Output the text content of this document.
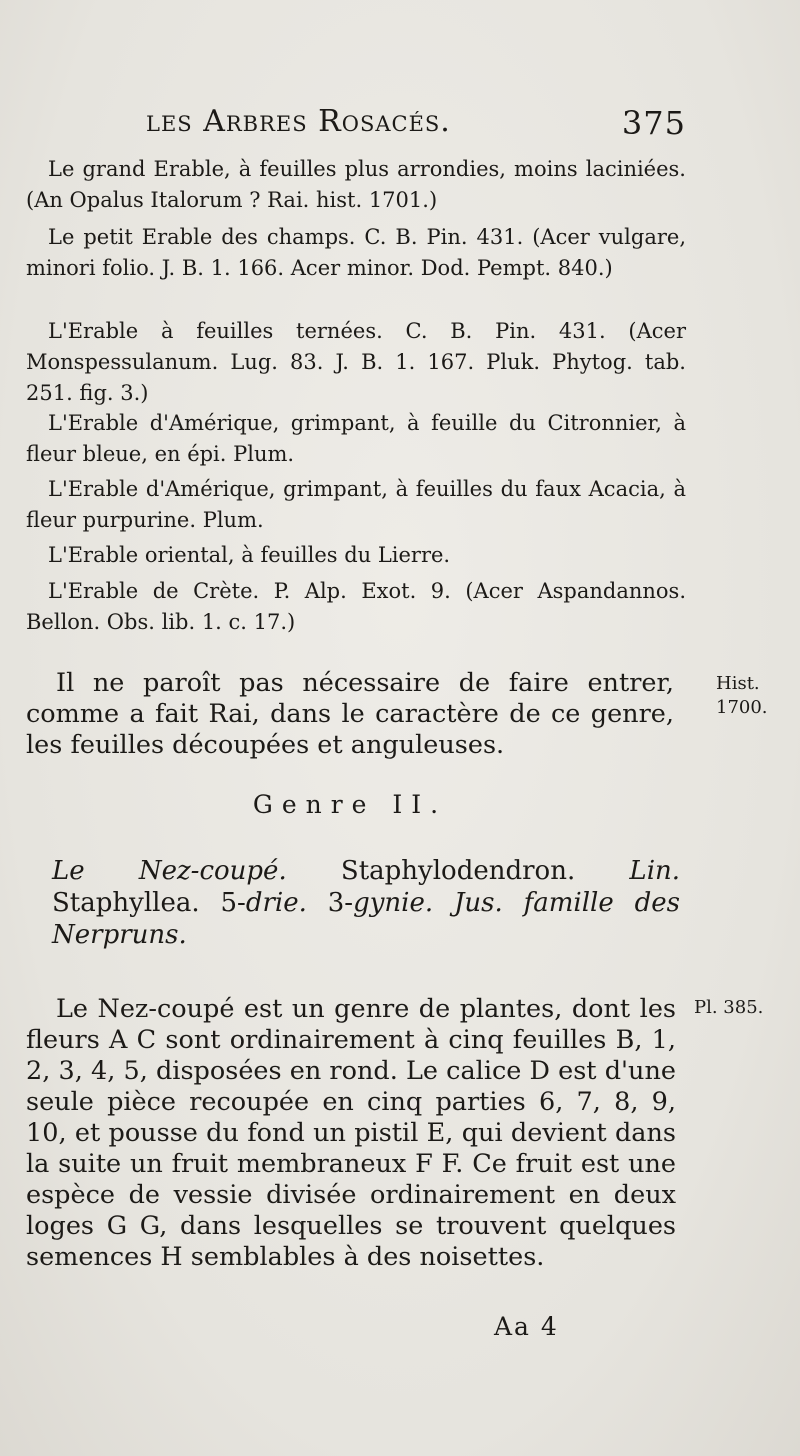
les Arbres Rosacés.	375

Le grand Erable, à feuilles plus arrondies, moins laciniées. (An Opalus Italorum ? Rai. hist. 1701.)

Le petit Erable des champs. C. B. Pin. 431. (Acer vulgare, minori folio. J. B. 1. 166. Acer minor. Dod. Pempt. 840.)

L'Erable à feuilles ternées. C. B. Pin. 431. (Acer Monspessulanum. Lug. 83. J. B. 1. 167. Pluk. Phytog. tab. 251. fig. 3.)

L'Erable d'Amérique, grimpant, à feuille du Citronnier, à fleur bleue, en épi. Plum.

L'Erable d'Amérique, grimpant, à feuilles du faux Acacia, à fleur purpurine. Plum.

L'Erable oriental, à feuilles du Lierre.

L'Erable de Crète. P. Alp. Exot. 9. (Acer Aspandannos. Bellon. Obs. lib. 1. c. 17.)

Il ne paroît pas nécessaire de faire entrer, comme a fait Rai, dans le caractère de ce genre, les feuilles découpées et anguleuses.

Hist.
1700.
Genre II.
Le Nez-coupé. Staphylodendron. Lin. Staphyllea. 5-drie. 3-gynie. Jus. famille des Nerpruns.

Le Nez-coupé est un genre de plantes, dont les fleurs A C sont ordinairement à cinq feuilles B, 1, 2, 3, 4, 5, disposées en rond. Le calice D est d'une seule pièce recoupée en cinq parties 6, 7, 8, 9, 10, et pousse du fond un pistil E, qui devient dans la suite un fruit membraneux F F. Ce fruit est une espèce de vessie divisée ordinairement en deux loges G G, dans lesquelles se trouvent quelques semences H semblables à des noisettes.

Pl. 385.
Aa 4
